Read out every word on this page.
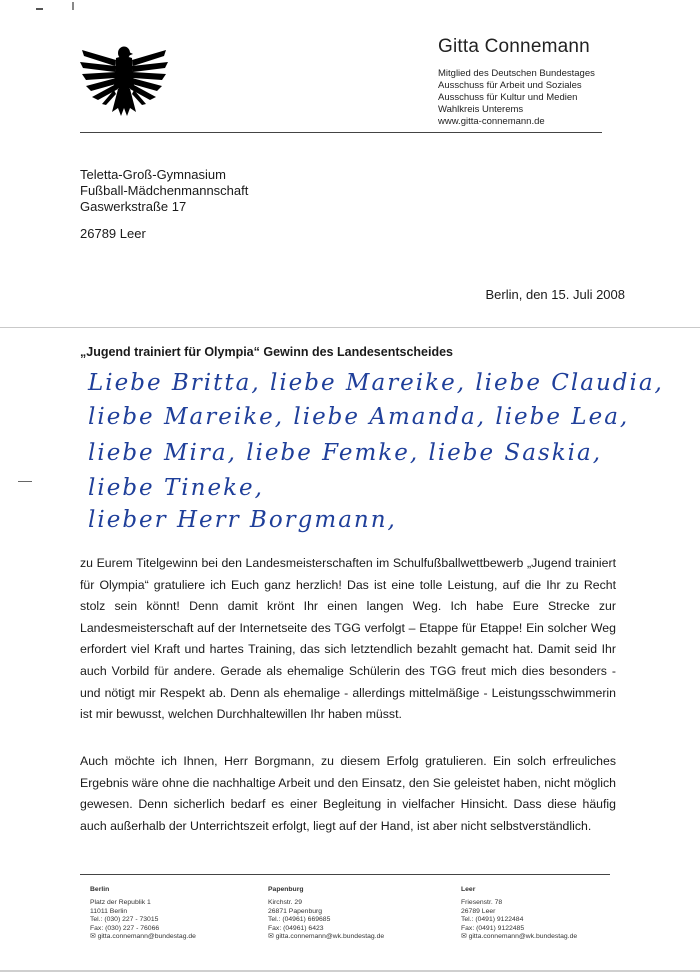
Gitta Connemann
Mitglied des Deutschen Bundestages
Ausschuss für Arbeit und Soziales
Ausschuss für Kultur und Medien
Wahlkreis Unterems
www.gitta-connemann.de
Teletta-Groß-Gymnasium
Fußball-Mädchenmannschaft
Gaswerkstraße 17
26789 Leer
Berlin, den 15. Juli 2008
„Jugend trainiert für Olympia“ Gewinn des Landesentscheides
Liebe Britta, liebe Mareike, liebe Claudia,
liebe Mareike, liebe Amanda, liebe Lea,
liebe Mira, liebe Femke, liebe Saskia,
liebe Tineke,
lieber Herr Borgmann,
zu Eurem Titelgewinn bei den Landesmeisterschaften im Schulfußballwettbewerb „Jugend trainiert für Olympia“ gratuliere ich Euch ganz herzlich! Das ist eine tolle Leistung, auf die Ihr zu Recht stolz sein könnt! Denn damit krönt Ihr einen langen Weg. Ich habe Eure Strecke zur Landesmeisterschaft auf der Internetseite des TGG verfolgt – Etappe für Etappe! Ein solcher Weg erfordert viel Kraft und hartes Training, das sich letztendlich bezahlt gemacht hat. Damit seid Ihr auch Vorbild für andere. Gerade als ehemalige Schülerin des TGG freut mich dies besonders - und nötigt mir Respekt ab. Denn als ehemalige - allerdings mittelmäßige - Leistungsschwimmerin ist mir bewusst, welchen Durchhaltewillen Ihr haben müsst.
Auch möchte ich Ihnen, Herr Borgmann, zu diesem Erfolg gratulieren. Ein solch erfreuliches Ergebnis wäre ohne die nachhaltige Arbeit und den Einsatz, den Sie geleistet haben, nicht möglich gewesen. Denn sicherlich bedarf es einer Begleitung in vielfacher Hinsicht. Dass diese häufig auch außerhalb der Unterrichtszeit erfolgt, liegt auf der Hand, ist aber nicht selbstverständlich.
Berlin
Platz der Republik 1
11011 Berlin
Tel.: (030) 227 - 73015
Fax: (030) 227 - 76066
✉ gitta.connemann@bundestag.de
Papenburg
Kirchstr. 29
26871 Papenburg
Tel.: (04961) 669685
Fax: (04961) 6423
✉ gitta.connemann@wk.bundestag.de
Leer
Friesenstr. 78
26789 Leer
Tel.: (0491) 9122484
Fax: (0491) 9122485
✉ gitta.connemann@wk.bundestag.de
